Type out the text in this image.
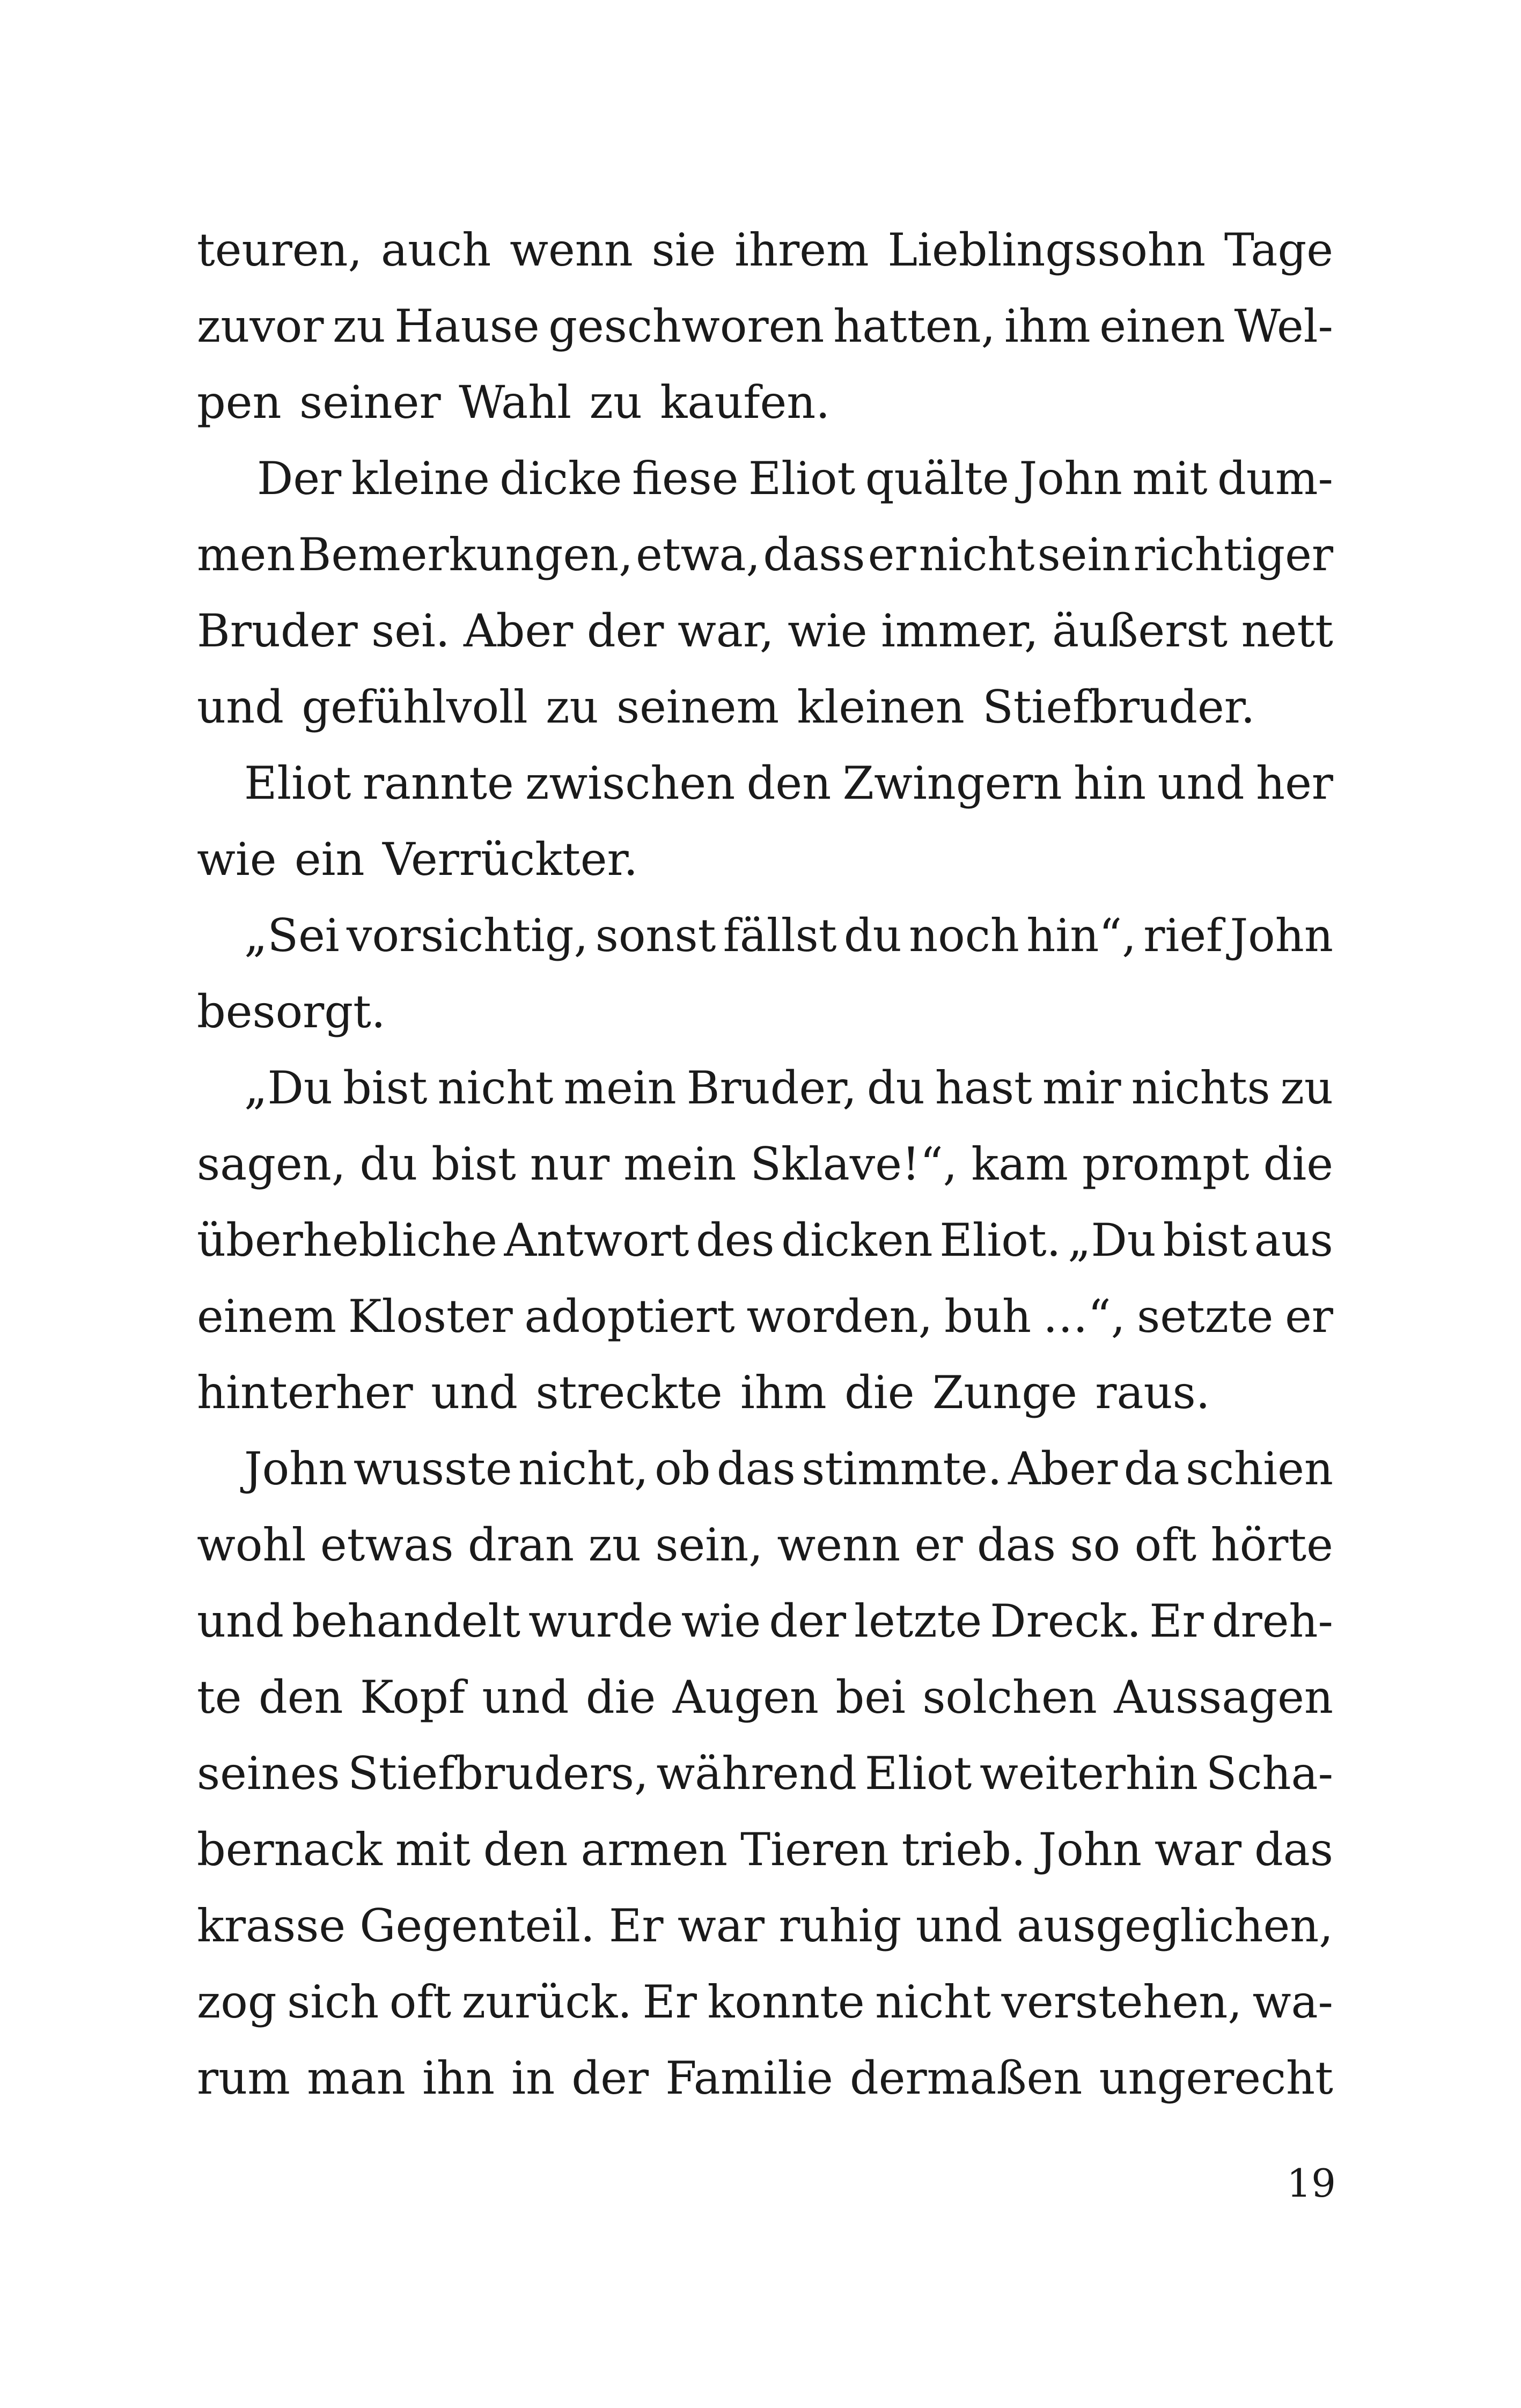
teuren, auch wenn sie ihrem Lieblingssohn Tage
zuvor zu Hause geschworen hatten, ihm einen Wel-
pen seiner Wahl zu kaufen.
Der kleine dicke fiese Eliot quälte John mit dum-
men Bemerkungen, etwa, dass er nicht sein richtiger
Bruder sei. Aber der war, wie immer, äußerst nett
und gefühlvoll zu seinem kleinen Stiefbruder.
Eliot rannte zwischen den Zwingern hin und her
wie ein Verrückter.
„Sei vorsichtig, sonst fällst du noch hin“, rief John
besorgt.
„Du bist nicht mein Bruder, du hast mir nichts zu
sagen, du bist nur mein Sklave!“, kam prompt die
überhebliche Antwort des dicken Eliot. „Du bist aus
einem Kloster adoptiert worden, buh …“, setzte er
hinterher und streckte ihm die Zunge raus.
John wusste nicht, ob das stimmte. Aber da schien
wohl etwas dran zu sein, wenn er das so oft hörte
und behandelt wurde wie der letzte Dreck. Er dreh-
te den Kopf und die Augen bei solchen Aussagen
seines Stiefbruders, während Eliot weiterhin Scha-
bernack mit den armen Tieren trieb. John war das
krasse Gegenteil. Er war ruhig und ausgeglichen,
zog sich oft zurück. Er konnte nicht verstehen, wa-
rum man ihn in der Familie dermaßen ungerecht
19
